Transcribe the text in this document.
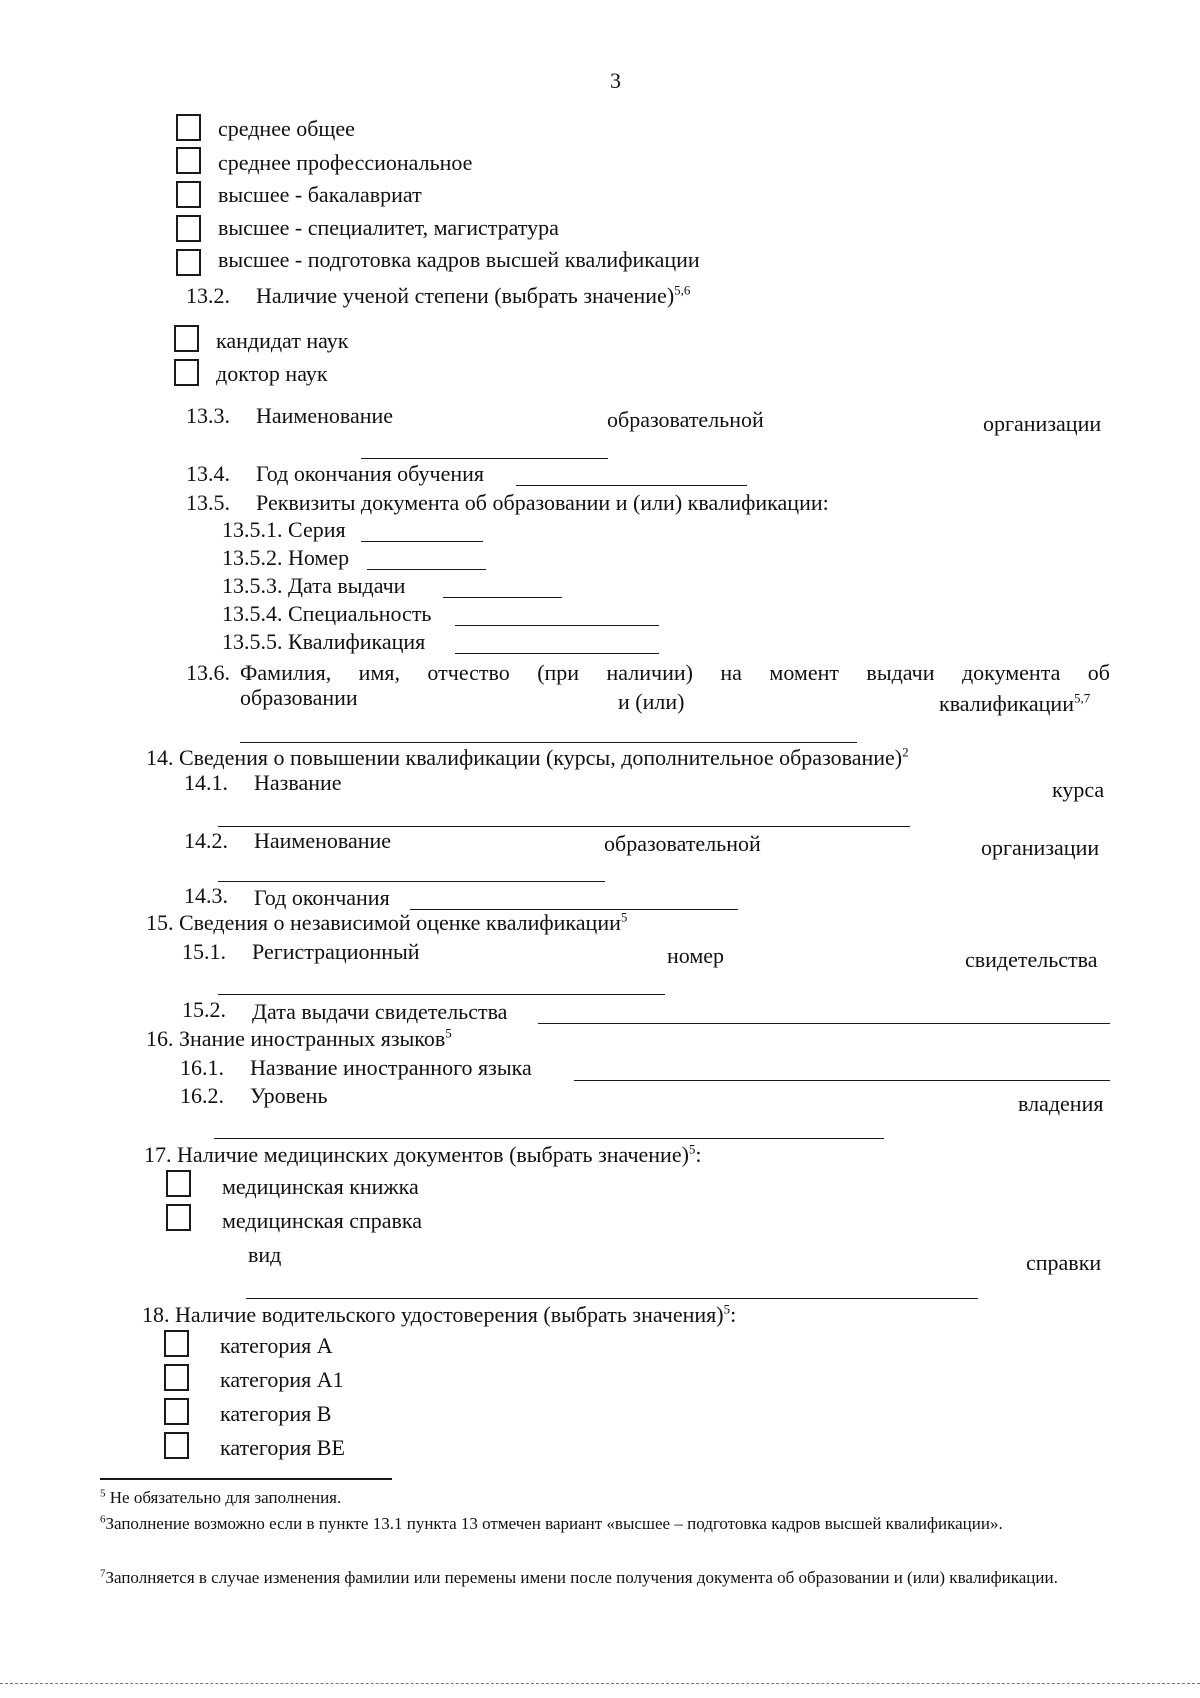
3
среднее общее
среднее профессиональное
высшее - бакалавриат
высшее - специалитет, магистратура
высшее - подготовка кадров высшей квалификации
13.2. Наличие ученой степени (выбрать значение)$^{5,6}$
кандидат наук
доктор наук
13.3. Наименование	образовательной	организации
13.4. Год окончания обучения
13.5. Реквизиты документа об образовании и (или) квалификации:
13.5.1. Серия
13.5.2. Номер
13.5.3. Дата выдачи
13.5.4. Специальность
13.5.5. Квалификация
13.6. Фамилия, имя, отчество (при наличии) на момент выдачи документа об
образовании	и (или)	квалификации$^{5,7}$
14. Сведения о повышении квалификации (курсы, дополнительное образование)$^2$
14.1. Название	курса
14.2. Наименование	образовательной	организации
14.3. Год окончания
15. Сведения о независимой оценке квалификации$^5$
15.1. Регистрационный	номер	свидетельства
15.2. Дата выдачи свидетельства
16. Знание иностранных языков$^5$
16.1. Название иностранного языка
16.2. Уровень	владения
17. Наличие медицинских документов (выбрать значение)$^5$:
медицинская книжка
медицинская справка
вид	справки
18. Наличие водительского удостоверения (выбрать значения)$^5$:
категория А
категория А1
категория В
категория ВЕ
$^5$ Не обязательно для заполнения.
$^6$Заполнение возможно если в пункте 13.1 пункта 13 отмечен вариант «высшее – подготовка кадров высшей квалификации».
$^7$Заполняется в случае изменения фамилии или перемены имени после получения документа об образовании и (или) квалификации.
